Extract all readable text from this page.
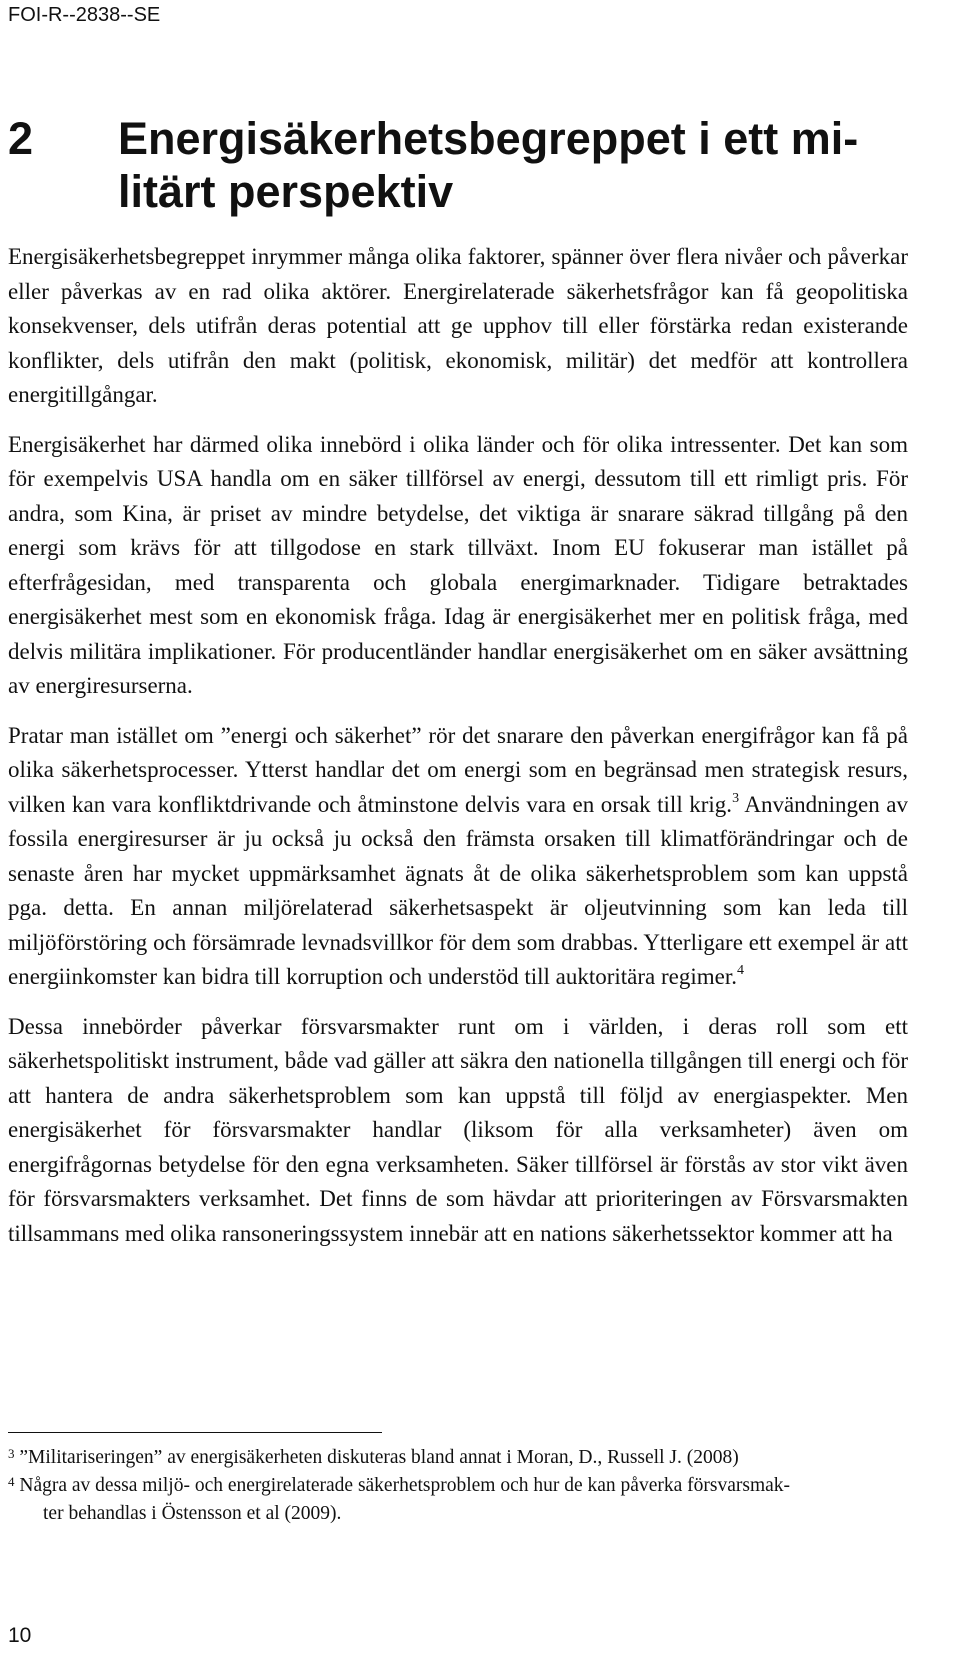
FOI-R--2838--SE
2	Energisäkerhetsbegreppet i ett mi-
litärt perspektiv

Energisäkerhetsbegreppet inrymmer många olika faktorer, spänner över flera nivåer och påverkar eller påverkas av en rad olika aktörer. Energirelaterade säkerhetsfrågor kan få geopolitiska konsekvenser, dels utifrån deras potential att ge upphov till eller förstärka redan existerande konflikter, dels utifrån den makt (politisk, ekonomisk, militär) det medför att kontrollera energitillgångar.

Energisäkerhet har därmed olika innebörd i olika länder och för olika intressenter. Det kan som för exempelvis USA handla om en säker tillförsel av energi, dessutom till ett rimligt pris. För andra, som Kina, är priset av mindre betydelse, det viktiga är snarare säkrad tillgång på den energi som krävs för att tillgodose en stark tillväxt. Inom EU fokuserar man istället på efterfrågesidan, med transparenta och globala energimarknader. Tidigare betraktades energisäkerhet mest som en ekonomisk fråga. Idag är energisäkerhet mer en politisk fråga, med delvis militära implikationer. För producentländer handlar energisäkerhet om en säker avsättning av energiresurserna.

Pratar man istället om ”energi och säkerhet” rör det snarare den påverkan energifrågor kan få på olika säkerhetsprocesser. Ytterst handlar det om energi som en begränsad men strategisk resurs, vilken kan vara konfliktdrivande och åtminstone delvis vara en orsak till krig.$^3$ Användningen av fossila energiresurser är ju också ju också den främsta orsaken till klimatförändringar och de senaste åren har mycket uppmärksamhet ägnats åt de olika säkerhetsproblem som kan uppstå pga. detta. En annan miljörelaterad säkerhetsaspekt är oljeutvinning som kan leda till miljöförstöring och försämrade levnadsvillkor för dem som drabbas. Ytterligare ett exempel är att energiinkomster kan bidra till korruption och understöd till auktoritära regimer.$^4$

Dessa innebörder påverkar försvarsmakter runt om i världen, i deras roll som ett säkerhetspolitiskt instrument, både vad gäller att säkra den nationella tillgången till energi och för att hantera de andra säkerhetsproblem som kan uppstå till följd av energiaspekter. Men energisäkerhet för försvarsmakter handlar (liksom för alla verksamheter) även om energifrågornas betydelse för den egna verksamheten. Säker tillförsel är förstås av stor vikt även för försvarsmakters verksamhet. Det finns de som hävdar att prioriteringen av Försvarsmakten tillsammans med olika ransoneringssystem innebär att en nations säkerhetssektor kommer att ha

$^3$ ”Militariseringen” av energisäkerheten diskuteras bland annat i Moran, D., Russell J. (2008)

$^4$ Några av dessa miljö- och energirelaterade säkerhetsproblem och hur de kan påverka försvarsmak-
ter behandlas i Östensson et al (2009).

10
